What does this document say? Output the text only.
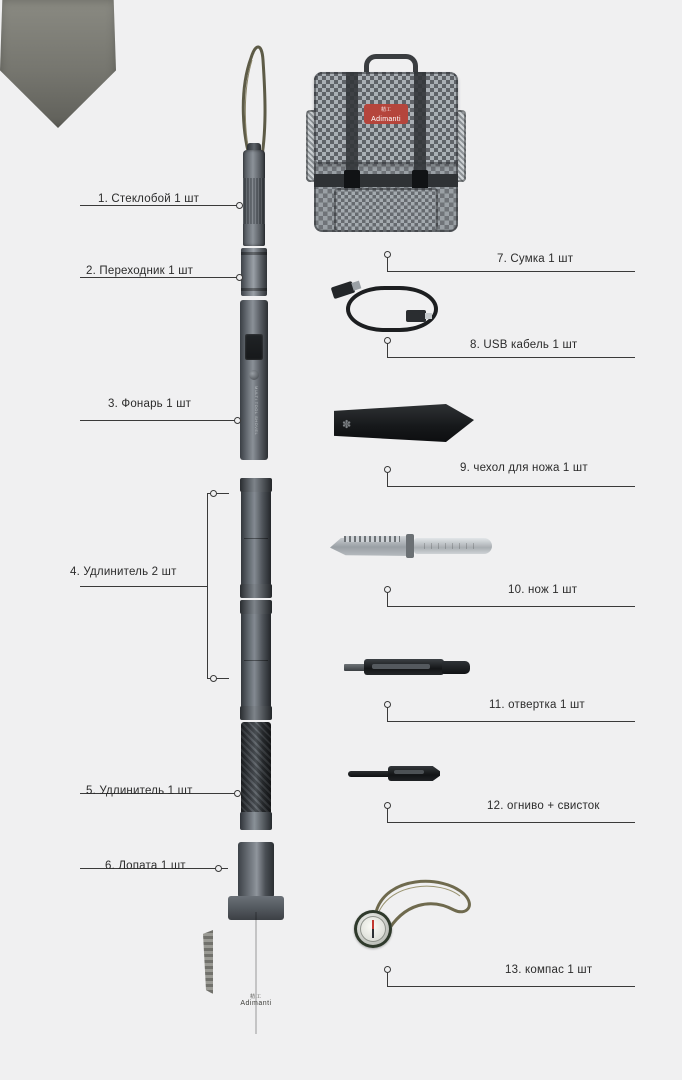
MULTI TOOL SHOVEL
精工
Adimanti
精工
Adimanti
✽
1. Стеклобой 1 шт
2. Переходник 1 шт
3. Фонарь 1 шт
4. Удлинитель 2 шт
5. Удлинитель 1 шт
6. Лопата 1 шт
7. Сумка 1 шт
8. USB кабель 1 шт
9. чехол для ножа 1 шт
10. нож 1 шт
11. отвертка 1 шт
12. огниво + свисток
13. компас 1 шт
